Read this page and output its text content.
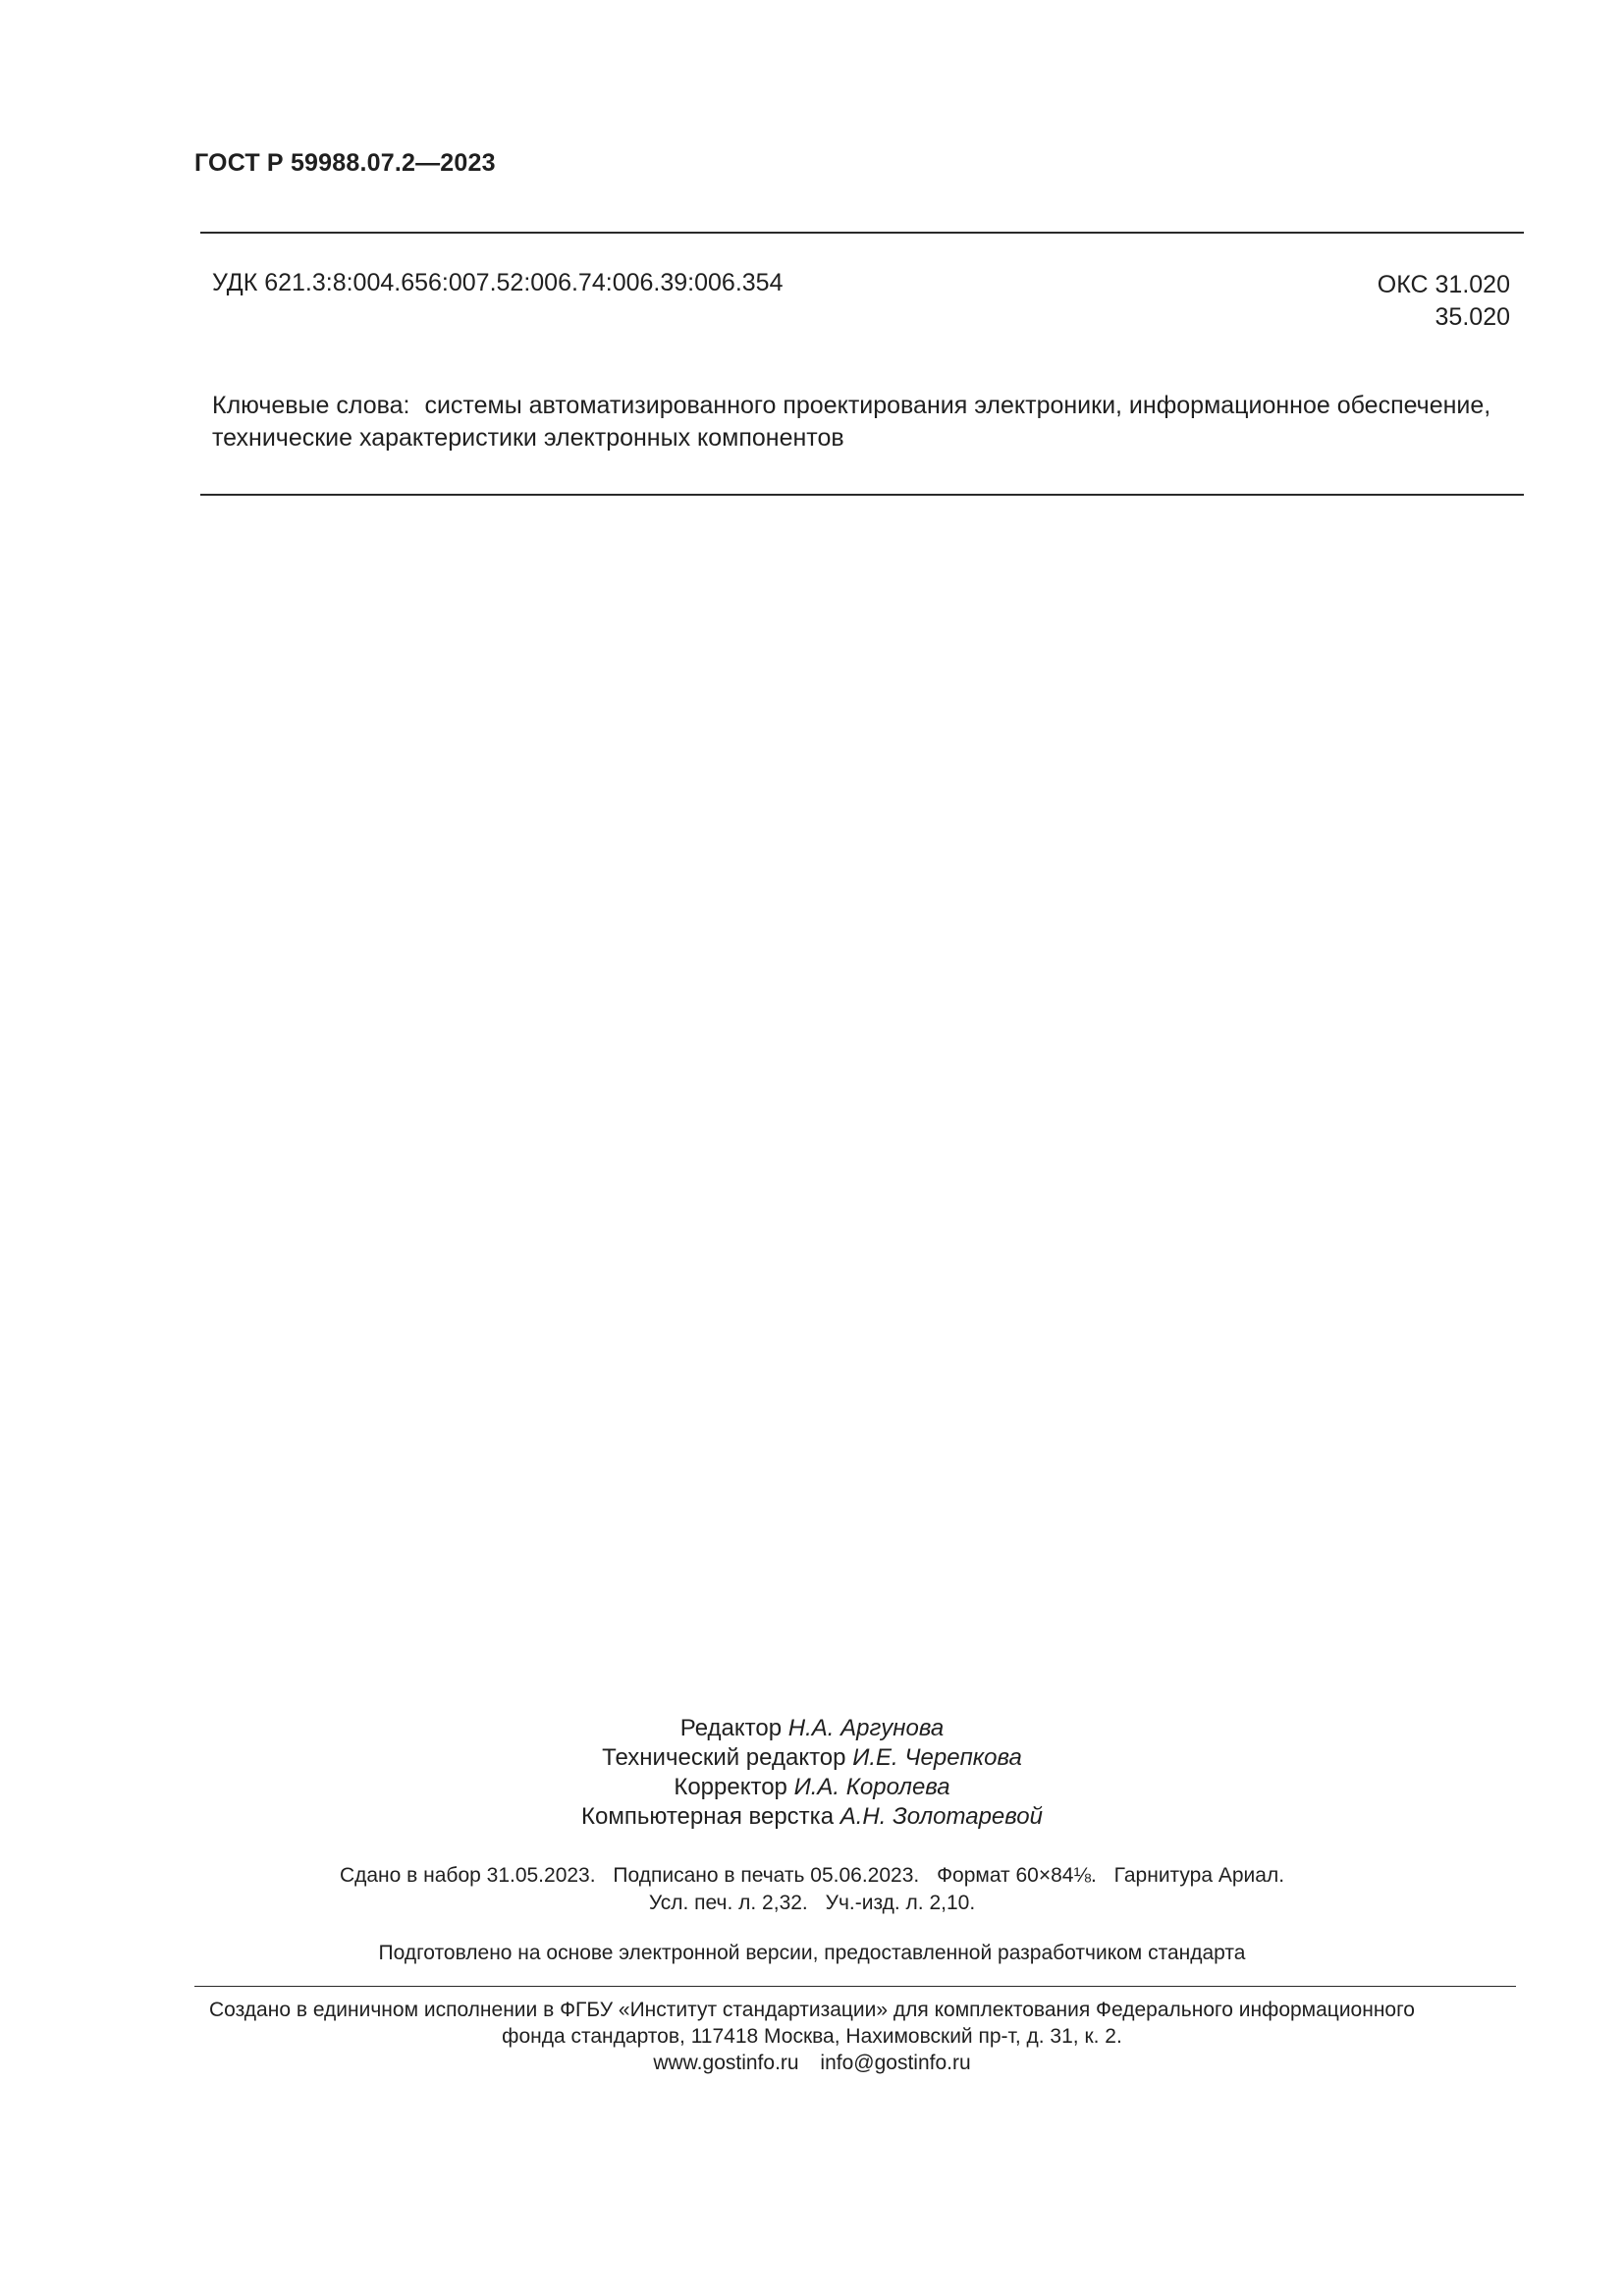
ГОСТ Р 59988.07.2—2023
УДК 621.3:8:004.656:007.52:006.74:006.39:006.354	ОКС 31.020
35.020
Ключевые слова: системы автоматизированного проектирования электроники, информационное обеспечение, технические характеристики электронных компонентов
Редактор Н.А. Аргунова
Технический редактор И.Е. Черепкова
Корректор И.А. Королева
Компьютерная верстка А.Н. Золотаревой
Сдано в набор 31.05.2023. Подписано в печать 05.06.2023. Формат 60×84⅛. Гарнитура Ариал.
Усл. печ. л. 2,32. Уч.-изд. л. 2,10.
Подготовлено на основе электронной версии, предоставленной разработчиком стандарта
Создано в единичном исполнении в ФГБУ «Институт стандартизации» для комплектования Федерального информационного
фонда стандартов, 117418 Москва, Нахимовский пр-т, д. 31, к. 2.
www.gostinfo.ru info@gostinfo.ru
